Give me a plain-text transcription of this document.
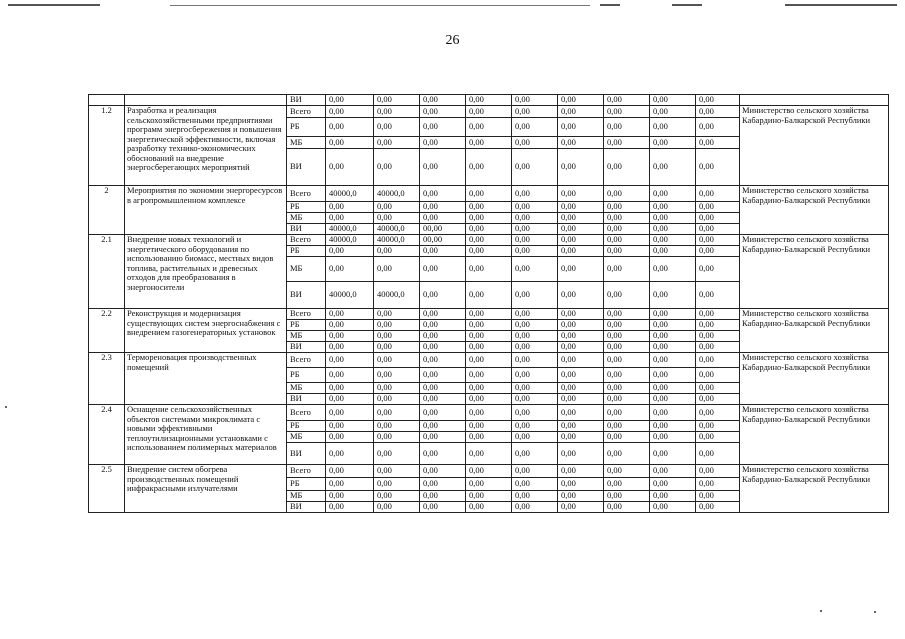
26
		ВИ	0,00	0,00	0,00	0,00	0,00	0,00	0,00	0,00	0,00	
1.2	Разработка и реализация сельскохозяйственными предприятиями программ энергосбережения и повышения энергетической эффективности, включая разработку технико-экономических обоснований на внедрение энергосберегающих мероприятий	Всего	0,00	0,00	0,00	0,00	0,00	0,00	0,00	0,00	0,00	Министерство сельского хозяйства Кабардино-Балкарской Республики
		РБ	0,00	0,00	0,00	0,00	0,00	0,00	0,00	0,00	0,00	
		МБ	0,00	0,00	0,00	0,00	0,00	0,00	0,00	0,00	0,00	
		ВИ	0,00	0,00	0,00	0,00	0,00	0,00	0,00	0,00	0,00	
2	Мероприятия по экономии энергоресурсов в агропромышленном комплексе	Всего	40000,0	40000,0	0,00	0,00	0,00	0,00	0,00	0,00	0,00	Министерство сельского хозяйства Кабардино-Балкарской Республики
		РБ	0,00	0,00	0,00	0,00	0,00	0,00	0,00	0,00	0,00	
		МБ	0,00	0,00	0,00	0,00	0,00	0,00	0,00	0,00	0,00	
		ВИ	40000,0	40000,0	00,00	0,00	0,00	0,00	0,00	0,00	0,00	
2.1	Внедрение новых технологий и энергетического оборудования по использованию биомасс, местных видов топлива, растительных и древесных отходов для преобразования в энергоносители	Всего	40000,0	40000,0	00,00	0,00	0,00	0,00	0,00	0,00	0,00	Министерство сельского хозяйства Кабардино-Балкарской Республики
		РБ	0,00	0,00	0,00	0,00	0,00	0,00	0,00	0,00	0,00	
		МБ	0,00	0,00	0,00	0,00	0,00	0,00	0,00	0,00	0,00	
		ВИ	40000,0	40000,0	0,00	0,00	0,00	0,00	0,00	0,00	0,00	
2.2	Реконструкция и модернизация существующих систем энергоснабжения с внедрением газогенераторных установок	Всего	0,00	0,00	0,00	0,00	0,00	0,00	0,00	0,00	0,00	Министерство сельского хозяйства Кабардино-Балкарской Республики
		РБ	0,00	0,00	0,00	0,00	0,00	0,00	0,00	0,00	0,00	
		МБ	0,00	0,00	0,00	0,00	0,00	0,00	0,00	0,00	0,00	
		ВИ	0,00	0,00	0,00	0,00	0,00	0,00	0,00	0,00	0,00	
2.3	Термореновация производственных помещений	Всего	0,00	0,00	0,00	0,00	0,00	0,00	0,00	0,00	0,00	Министерство сельского хозяйства Кабардино-Балкарской Республики
		РБ	0,00	0,00	0,00	0,00	0,00	0,00	0,00	0,00	0,00	
		МБ	0,00	0,00	0,00	0,00	0,00	0,00	0,00	0,00	0,00	
		ВИ	0,00	0,00	0,00	0,00	0,00	0,00	0,00	0,00	0,00	
2.4	Оснащение сельскохозяйственных объектов системами микроклимата с новыми эффективными теплоутилизационными установками с использованием полимерных материалов	Всего	0,00	0,00	0,00	0,00	0,00	0,00	0,00	0,00	0,00	Министерство сельского хозяйства Кабардино-Балкарской Республики
		РБ	0,00	0,00	0,00	0,00	0,00	0,00	0,00	0,00	0,00	
		МБ	0,00	0,00	0,00	0,00	0,00	0,00	0,00	0,00	0,00	
		ВИ	0,00	0,00	0,00	0,00	0,00	0,00	0,00	0,00	0,00	
2.5	Внедрение систем обогрева производственных помещений инфракрасными излучателями	Всего	0,00	0,00	0,00	0,00	0,00	0,00	0,00	0,00	0,00	Министерство сельского хозяйства Кабардино-Балкарской Республики
		РБ	0,00	0,00	0,00	0,00	0,00	0,00	0,00	0,00	0,00	
		МБ	0,00	0,00	0,00	0,00	0,00	0,00	0,00	0,00	0,00	
		ВИ	0,00	0,00	0,00	0,00	0,00	0,00	0,00	0,00	0,00	
